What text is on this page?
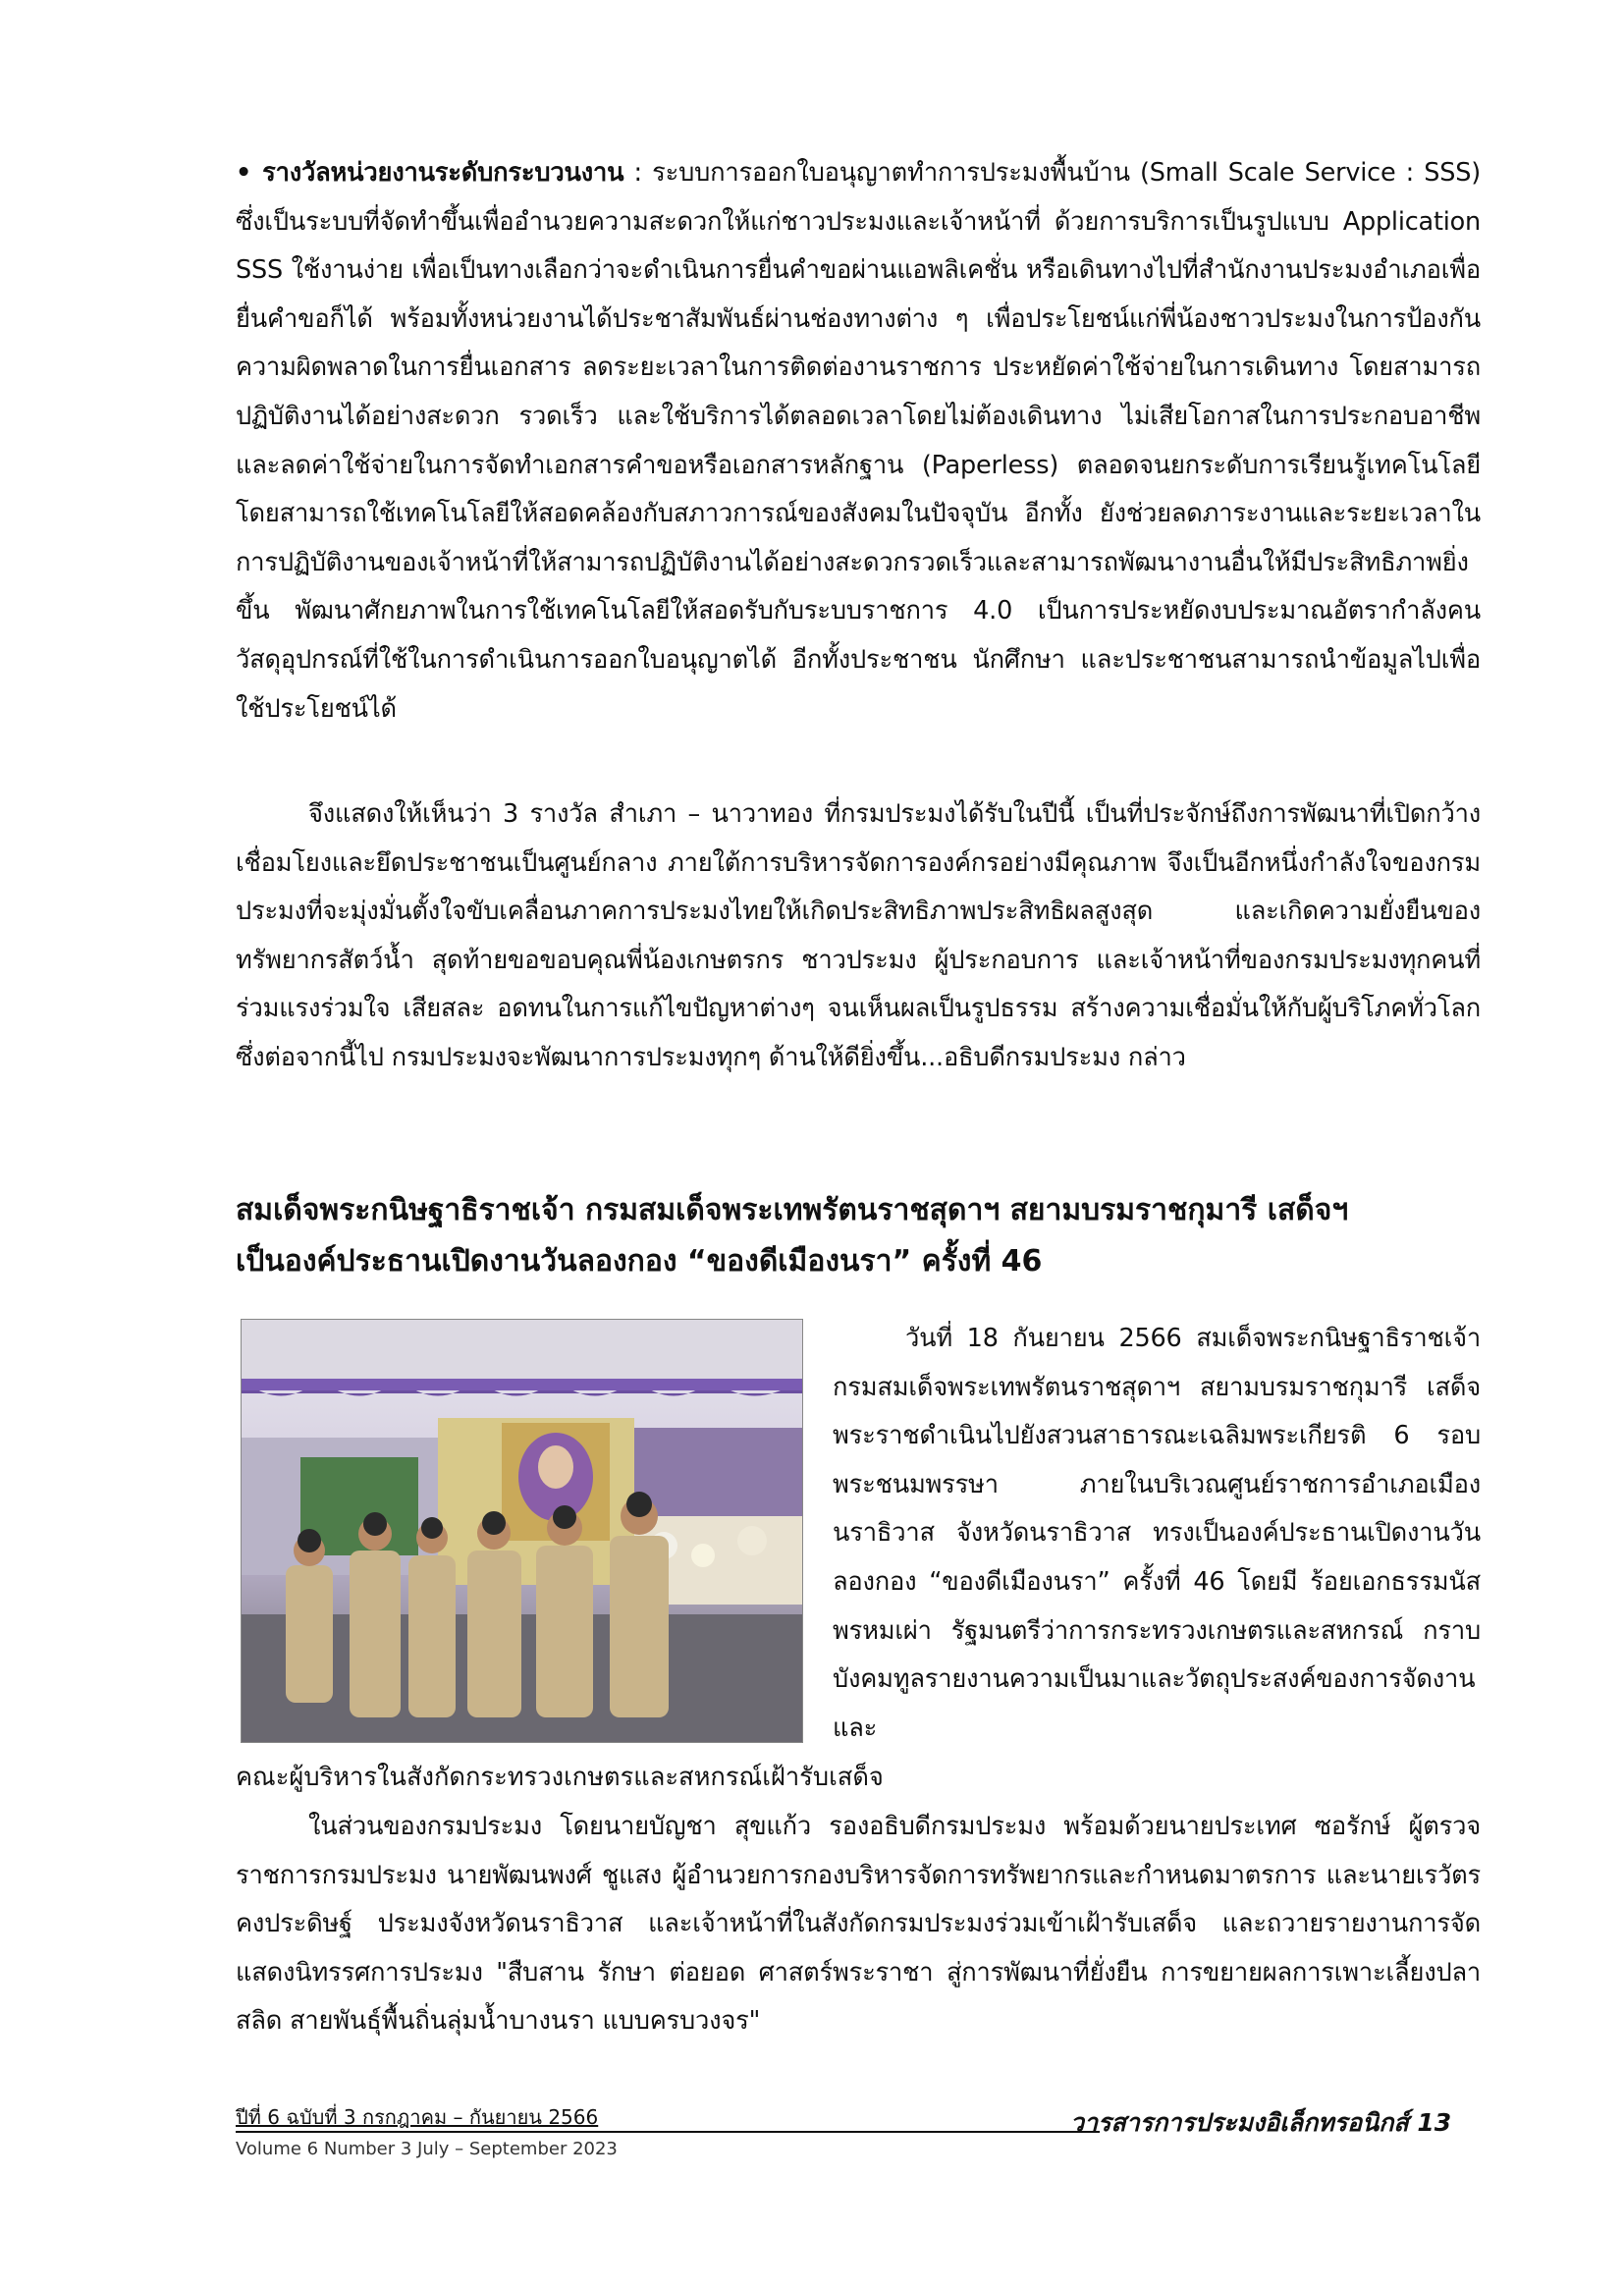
• รางวัลหน่วยงานระดับกระบวนงาน : ระบบการออกใบอนุญาตทำการประมงพื้นบ้าน (Small Scale Service : SSS) ซึ่งเป็นระบบที่จัดทำขึ้นเพื่ออำนวยความสะดวกให้แก่ชาวประมงและเจ้าหน้าที่ ด้วยการบริการเป็นรูปแบบ Application SSS ใช้งานง่าย เพื่อเป็นทางเลือกว่าจะดำเนินการยื่นคำขอผ่านแอพลิเคชั่น หรือเดินทางไปที่สำนักงานประมงอำเภอเพื่อยื่นคำขอก็ได้ พร้อมทั้งหน่วยงานได้ประชาสัมพันธ์ผ่านช่องทางต่าง ๆ เพื่อประโยชน์แก่พี่น้องชาวประมงในการป้องกันความผิดพลาดในการยื่นเอกสาร ลดระยะเวลาในการติดต่องานราชการ ประหยัดค่าใช้จ่ายในการเดินทาง โดยสามารถปฏิบัติงานได้อย่างสะดวก รวดเร็ว และใช้บริการได้ตลอดเวลาโดยไม่ต้องเดินทาง ไม่เสียโอกาสในการประกอบอาชีพ และลดค่าใช้จ่ายในการจัดทำเอกสารคำขอหรือเอกสารหลักฐาน (Paperless) ตลอดจนยกระดับการเรียนรู้เทคโนโลยีโดยสามารถใช้เทคโนโลยีให้สอดคล้องกับสภาวการณ์ของสังคมในปัจจุบัน อีกทั้ง ยังช่วยลดภาระงานและระยะเวลาในการปฏิบัติงานของเจ้าหน้าที่ให้สามารถปฏิบัติงานได้อย่างสะดวกรวดเร็วและสามารถพัฒนางานอื่นให้มีประสิทธิภาพยิ่งขึ้น พัฒนาศักยภาพในการใช้เทคโนโลยีให้สอดรับกับระบบราชการ 4.0 เป็นการประหยัดงบประมาณอัตรากำลังคน วัสดุอุปกรณ์ที่ใช้ในการดำเนินการออกใบอนุญาตได้ อีกทั้งประชาชน นักศึกษา และประชาชนสามารถนำข้อมูลไปเพื่อใช้ประโยชน์ได้

จึงแสดงให้เห็นว่า 3 รางวัล สำเภา – นาวาทอง ที่กรมประมงได้รับในปีนี้ เป็นที่ประจักษ์ถึงการพัฒนาที่เปิดกว้างเชื่อมโยงและยึดประชาชนเป็นศูนย์กลาง ภายใต้การบริหารจัดการองค์กรอย่างมีคุณภาพ จึงเป็นอีกหนึ่งกำลังใจของกรมประมงที่จะมุ่งมั่นตั้งใจขับเคลื่อนภาคการประมงไทยให้เกิดประสิทธิภาพประสิทธิผลสูงสุด และเกิดความยั่งยืนของทรัพยากรสัตว์น้ำ สุดท้ายขอขอบคุณพี่น้องเกษตรกร ชาวประมง ผู้ประกอบการ และเจ้าหน้าที่ของกรมประมงทุกคนที่ร่วมแรงร่วมใจ เสียสละ อดทนในการแก้ไขปัญหาต่างๆ จนเห็นผลเป็นรูปธรรม สร้างความเชื่อมั่นให้กับผู้บริโภคทั่วโลก ซึ่งต่อจากนี้ไป กรมประมงจะพัฒนาการประมงทุกๆ ด้านให้ดียิ่งขึ้น...อธิบดีกรมประมง กล่าว

สมเด็จพระกนิษฐาธิราชเจ้า กรมสมเด็จพระเทพรัตนราชสุดาฯ สยามบรมราชกุมารี เสด็จฯ
เป็นองค์ประธานเปิดงานวันลองกอง “ของดีเมืองนรา” ครั้งที่ 46

วันที่ 18 กันยายน 2566 สมเด็จพระกนิษฐาธิราชเจ้า กรมสมเด็จพระเทพรัตนราชสุดาฯ สยามบรมราชกุมารี เสด็จพระราชดำเนินไปยังสวนสาธารณะเฉลิมพระเกียรติ 6 รอบ พระชนมพรรษา ภายในบริเวณศูนย์ราชการอำเภอเมืองนราธิวาส จังหวัดนราธิวาส ทรงเป็นองค์ประธานเปิดงานวันลองกอง “ของดีเมืองนรา” ครั้งที่ 46 โดยมี ร้อยเอกธรรมนัส พรหมเผ่า รัฐมนตรีว่าการกระทรวงเกษตรและสหกรณ์ กราบบังคมทูลรายงานความเป็นมาและวัตถุประสงค์ของการจัดงาน และ

คณะผู้บริหารในสังกัดกระทรวงเกษตรและสหกรณ์เฝ้ารับเสด็จ

ในส่วนของกรมประมง โดยนายบัญชา สุขแก้ว รองอธิบดีกรมประมง พร้อมด้วยนายประเทศ ซอรักษ์ ผู้ตรวจราชการกรมประมง นายพัฒนพงศ์ ชูแสง ผู้อำนวยการกองบริหารจัดการทรัพยากรและกำหนดมาตรการ และนายเรวัตร คงประดิษฐ์ ประมงจังหวัดนราธิวาส และเจ้าหน้าที่ในสังกัดกรมประมงร่วมเข้าเฝ้ารับเสด็จ และถวายรายงานการจัดแสดงนิทรรศการประมง "สืบสาน รักษา ต่อยอด ศาสตร์พระราชา สู่การพัฒนาที่ยั่งยืน การขยายผลการเพาะเลี้ยงปลาสลิด สายพันธุ์พื้นถิ่นลุ่มน้ำบางนรา แบบครบวงจร"

ปีที่ 6 ฉบับที่ 3 กรกฎาคม – กันยายน 2566
Volume 6 Number 3 July – September 2023
วารสารการประมงอิเล็กทรอนิกส์ 13
